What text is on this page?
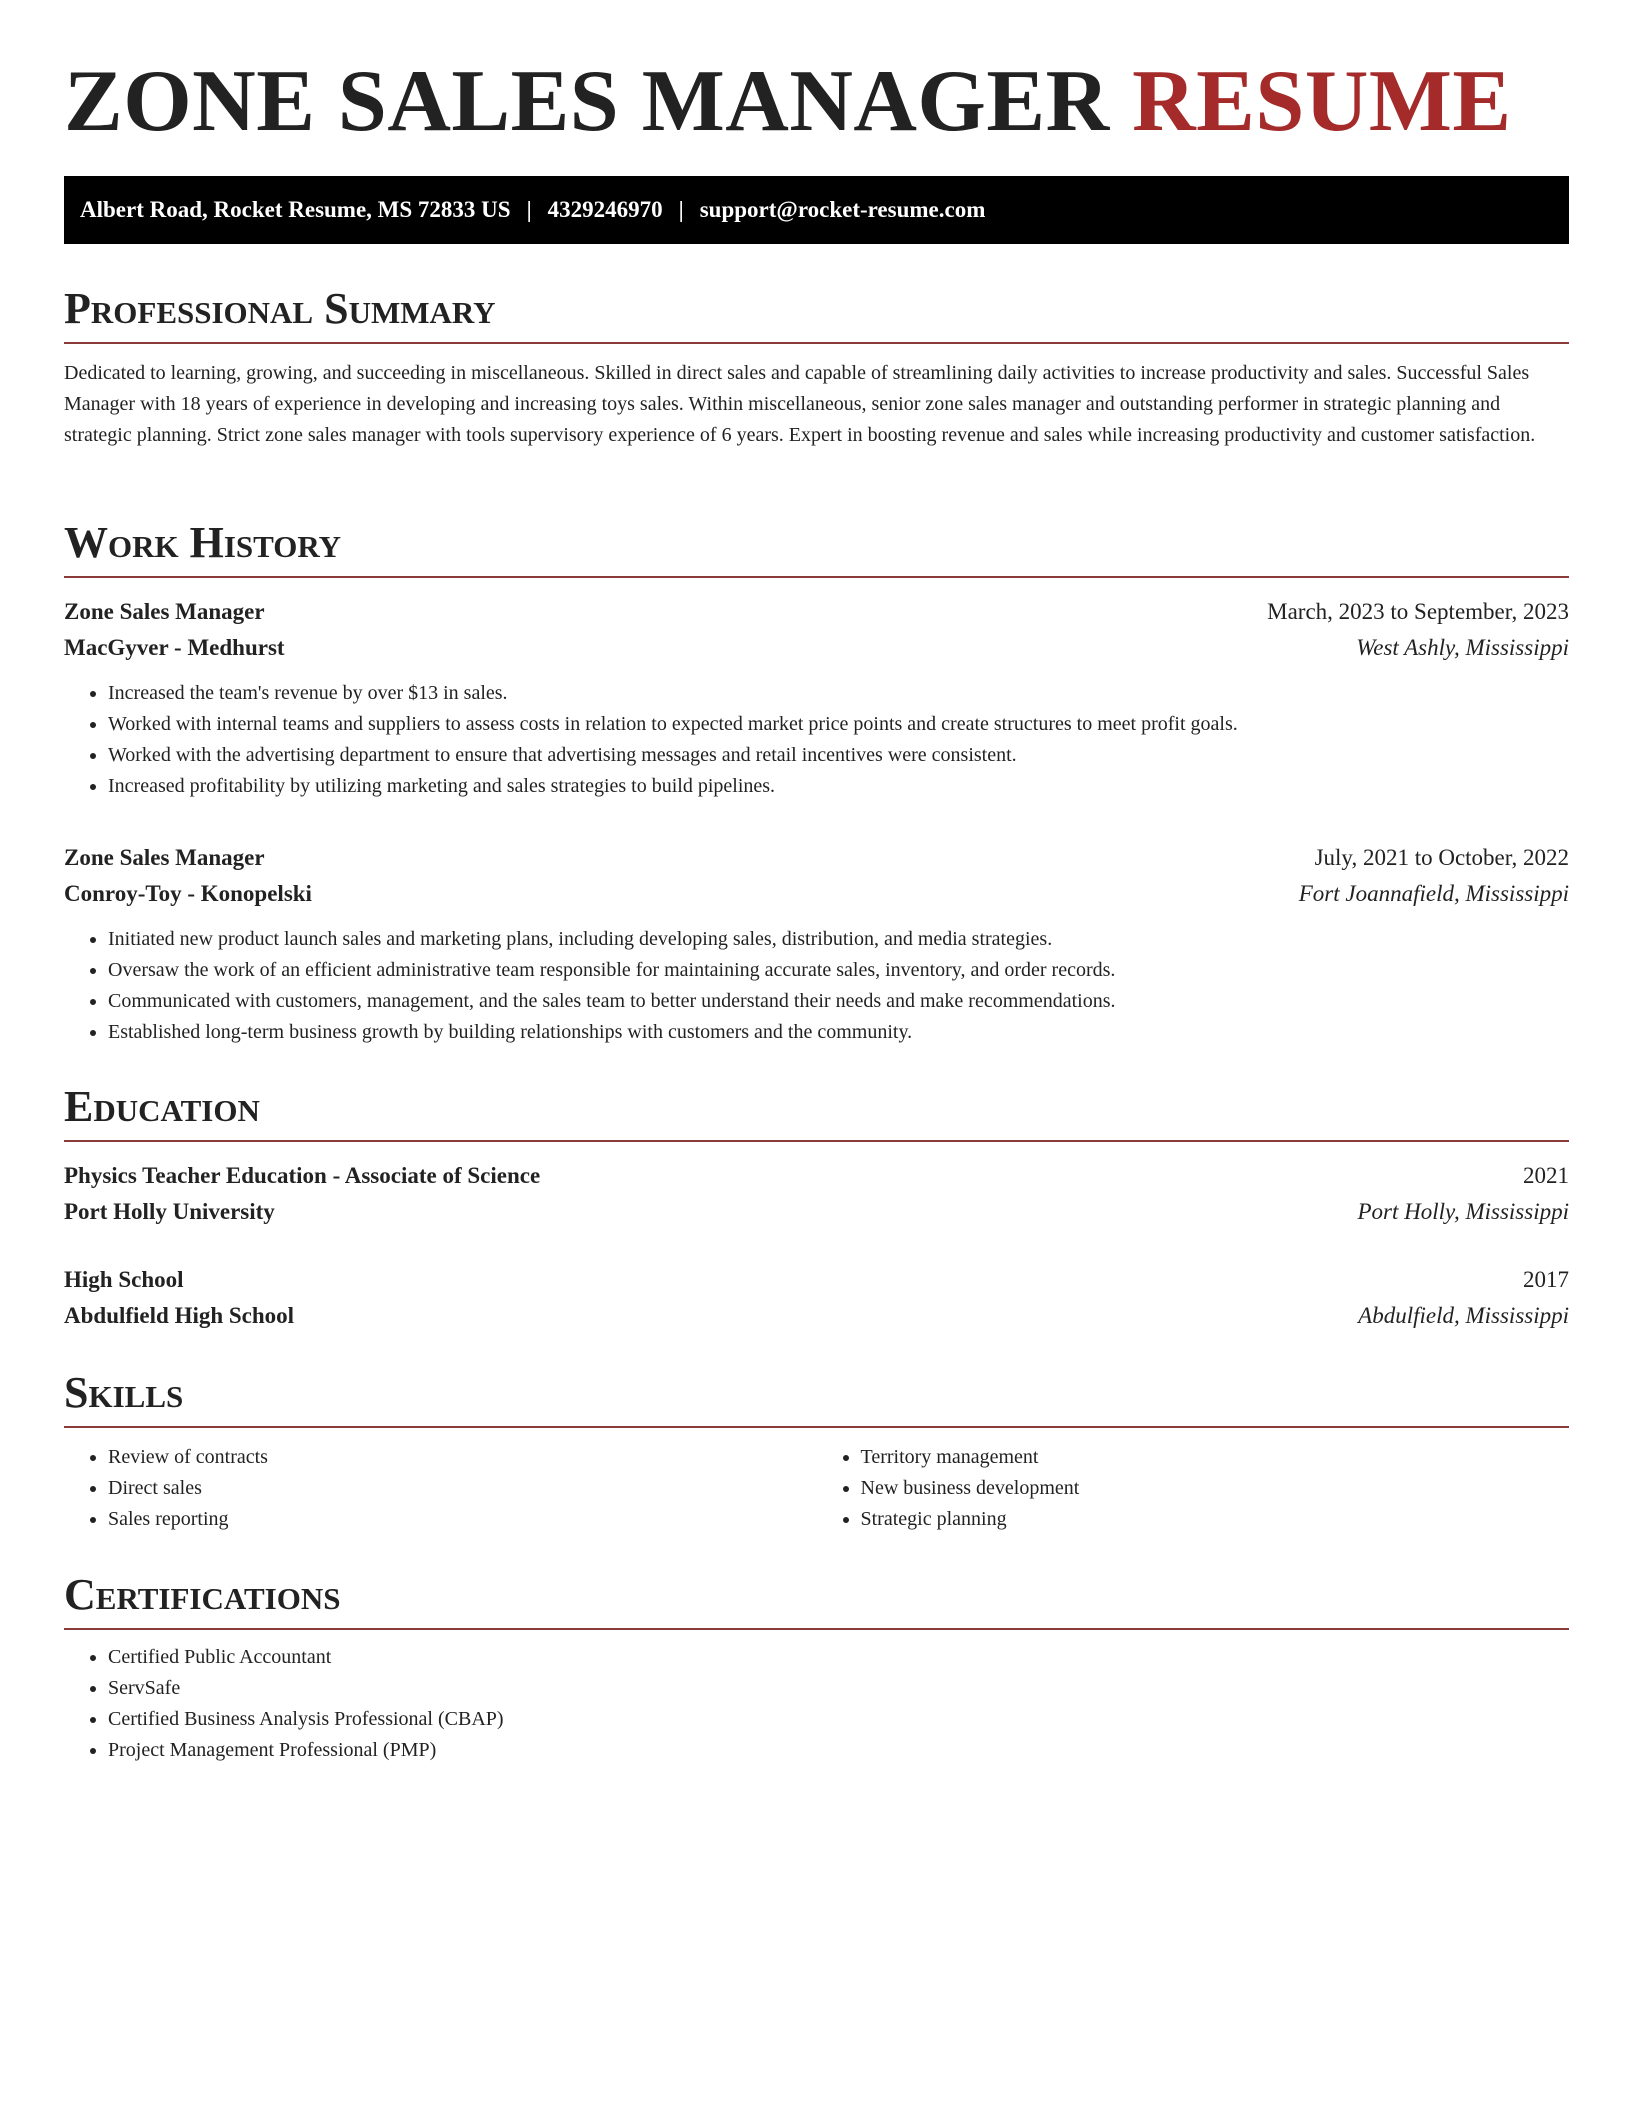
ZONE SALES MANAGER RESUME
Albert Road, Rocket Resume, MS 72833 US | 4329246970 | support@rocket-resume.com
Professional Summary

Dedicated to learning, growing, and succeeding in miscellaneous. Skilled in direct sales and capable of streamlining daily activities to increase productivity and sales. Successful Sales Manager with 18 years of experience in developing and increasing toys sales. Within miscellaneous, senior zone sales manager and outstanding performer in strategic planning and strategic planning. Strict zone sales manager with tools supervisory experience of 6 years. Expert in boosting revenue and sales while increasing productivity and customer satisfaction.

Work History
Zone Sales Manager	March, 2023 to September, 2023
MacGyver - Medhurst	West Ashly, Mississippi
• Increased the team's revenue by over $13 in sales.
• Worked with internal teams and suppliers to assess costs in relation to expected market price points and create structures to meet profit goals.
• Worked with the advertising department to ensure that advertising messages and retail incentives were consistent.
• Increased profitability by utilizing marketing and sales strategies to build pipelines.
Zone Sales Manager	July, 2021 to October, 2022
Conroy-Toy - Konopelski	Fort Joannafield, Mississippi
• Initiated new product launch sales and marketing plans, including developing sales, distribution, and media strategies.
• Oversaw the work of an efficient administrative team responsible for maintaining accurate sales, inventory, and order records.
• Communicated with customers, management, and the sales team to better understand their needs and make recommendations.
• Established long-term business growth by building relationships with customers and the community.
Education
Physics Teacher Education - Associate of Science	2021
Port Holly University	Port Holly, Mississippi
High School	2017
Abdulfield High School	Abdulfield, Mississippi
Skills
• Review of contracts
• Direct sales
• Sales reporting
• Territory management
• New business development
• Strategic planning
Certifications
• Certified Public Accountant
• ServSafe
• Certified Business Analysis Professional (CBAP)
• Project Management Professional (PMP)
